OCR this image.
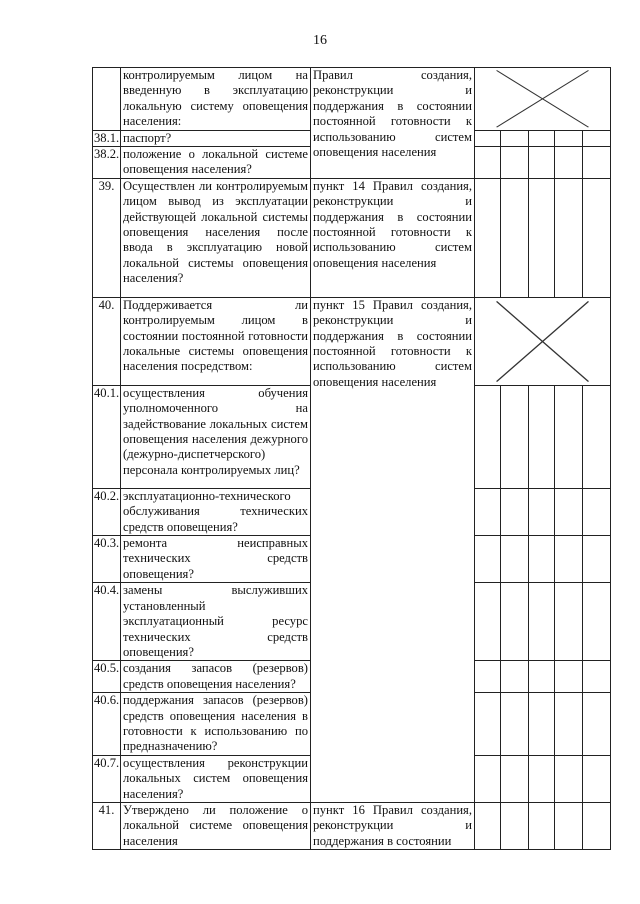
16

	контролируемым лицом на введенную в эксплуатацию локальную систему оповещения населения:	Правил создания, реконструкции и поддержания в состоянии постоянной готовности к использованию систем оповещения населения	

38.1.	паспорт?						

38.2.	положение о локальной системе оповещения населения?						

39.	Осуществлен ли контролируемым лицом вывод из эксплуатации действующей локальной системы оповещения населения после ввода в эксплуатацию новой локальной системы оповещения населения?	пункт 14 Правил создания, реконструкции и поддержания в состоянии постоянной готовности к использованию систем оповещения населения					
40.	Поддерживается ли контролируемым лицом в состоянии постоянной готовности локальные системы оповещения населения посредством:	пункт 15 Правил создания, реконструкции и поддержания в состоянии постоянной готовности к использованию систем оповещения населения	

40.1.	осуществления обучения уполномоченного на задействование локальных систем оповещения населения дежурного (дежурно-диспетчерского) персонала контролируемых лиц?						

40.2.	эксплуатационно-технического обслуживания технических средств оповещения?						

40.3.	ремонта неисправных технических средств оповещения?						

40.4.	замены выслуживших установленный эксплуатационный ресурс технических средств оповещения?						

40.5.	создания запасов (резервов) средств оповещения населения?						

40.6.	поддержания запасов (резервов) средств оповещения населения в готовности к использованию по предназначению?						

40.7.	осуществления реконструкции локальных систем оповещения населения?						

41.	Утверждено ли положение о локальной системе оповещения населения	пункт 16 Правил создания, реконструкции и поддержания в состоянии					
